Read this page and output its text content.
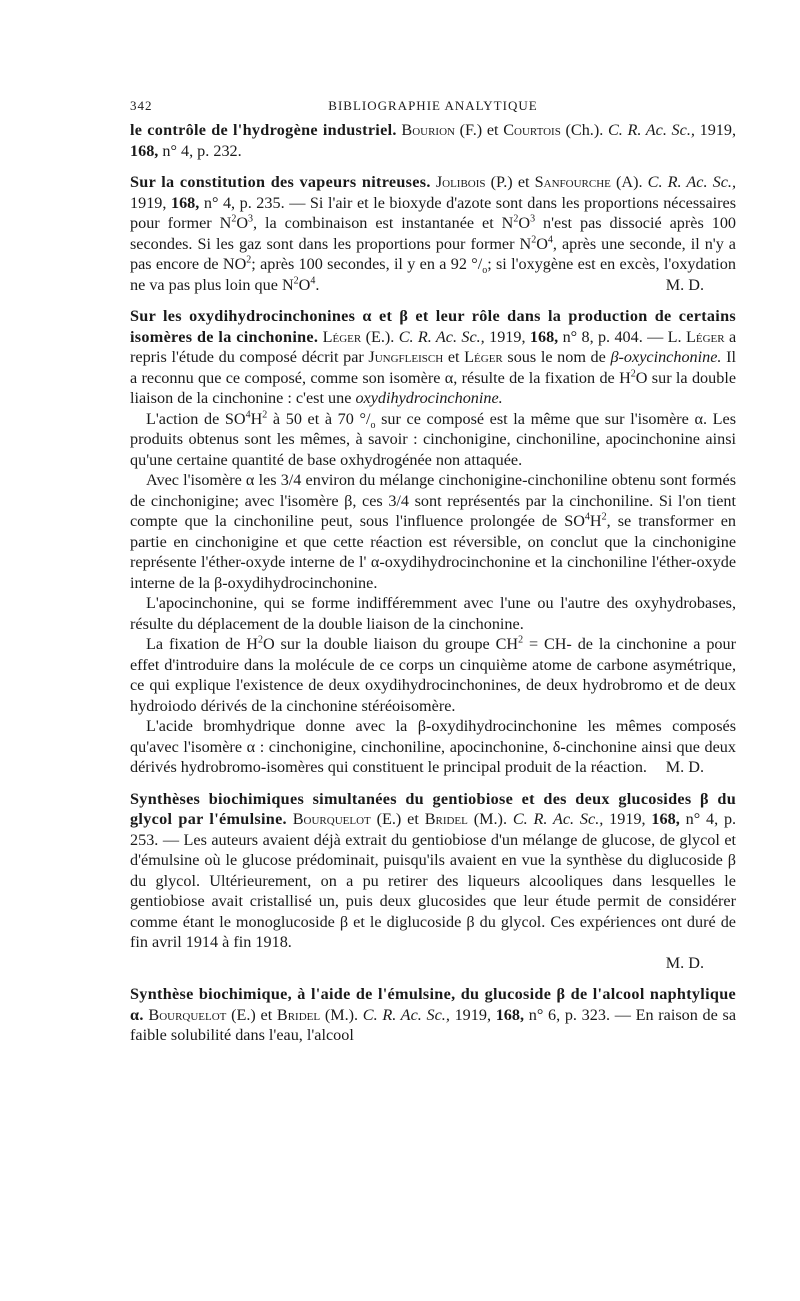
342	BIBLIOGRAPHIE ANALYTIQUE

le contrôle de l'hydrogène industriel. Bourion (F.) et Courtois (Ch.). C. R. Ac. Sc., 1919, 168, n° 4, p. 232.

Sur la constitution des vapeurs nitreuses. Jolibois (P.) et Sanfourche (A). C. R. Ac. Sc., 1919, 168, n° 4, p. 235. — Si l'air et le bioxyde d'azote sont dans les proportions nécessaires pour former $N^2O^3$, la combinaison est instantanée et $N^2O^3$ n'est pas dissocié après 100 secondes. Si les gaz sont dans les proportions pour former $N^2O^4$, après une seconde, il n'y a pas encore de $NO^2$; après 100 secondes, il y en a 92 $^\circ/_o$; si l'oxygène est en excès, l'oxydation ne va pas plus loin que $N^2O^4$.	M. D.

Sur les oxydihydrocinchonines α et β et leur rôle dans la production de certains isomères de la cinchonine. Léger (E.). C. R. Ac. Sc., 1919, 168, n° 8, p. 404. — L. Léger a repris l'étude du composé décrit par Jungfleisch et Léger sous le nom de β-oxycinchonine. Il a reconnu que ce composé, comme son isomère α, résulte de la fixation de $H^2O$ sur la double liaison de la cinchonine : c'est une oxydihydrocinchonine.

L'action de $SO^4H^2$ à 50 et à 70 $^\circ/_o$ sur ce composé est la même que sur l'isomère α. Les produits obtenus sont les mêmes, à savoir : cinchonigine, cinchoniline, apocinchonine ainsi qu'une certaine quantité de base oxhydrogénée non attaquée.

Avec l'isomère α les 3/4 environ du mélange cinchonigine-cinchoniline obtenu sont formés de cinchonigine; avec l'isomère β, ces 3/4 sont représentés par la cinchoniline. Si l'on tient compte que la cinchoniline peut, sous l'influence prolongée de $SO^4H^2$, se transformer en partie en cinchonigine et que cette réaction est réversible, on conclut que la cinchonigine représente l'éther-oxyde interne de l' α-oxydihydrocinchonine et la cinchoniline l'éther-oxyde interne de la β-oxydihydrocinchonine.

L'apocinchonine, qui se forme indifféremment avec l'une ou l'autre des oxyhydrobases, résulte du déplacement de la double liaison de la cinchonine.

La fixation de $H^2O$ sur la double liaison du groupe $CH^2 = CH-$ de la cinchonine a pour effet d'introduire dans la molécule de ce corps un cinquième atome de carbone asymétrique, ce qui explique l'existence de deux oxydihydrocinchonines, de deux hydrobromo et de deux hydroiodo dérivés de la cinchonine stéréoisomère.

L'acide bromhydrique donne avec la β-oxydihydrocinchonine les mêmes composés qu'avec l'isomère α : cinchonigine, cinchoniline, apocinchonine, δ-cinchonine ainsi que deux dérivés hydrobromo-isomères qui constituent le principal produit de la réaction.	M. D.

Synthèses biochimiques simultanées du gentiobiose et des deux glucosides β du glycol par l'émulsine. Bourquelot (E.) et Bridel (M.). C. R. Ac. Sc., 1919, 168, n° 4, p. 253. — Les auteurs avaient déjà extrait du gentiobiose d'un mélange de glucose, de glycol et d'émulsine où le glucose prédominait, puisqu'ils avaient en vue la synthèse du diglucoside β du glycol. Ultérieurement, on a pu retirer des liqueurs alcooliques dans lesquelles le gentiobiose avait cristallisé un, puis deux glucosides que leur étude permit de considérer comme étant le monoglucoside β et le diglucoside β du glycol. Ces expériences ont duré de fin avril 1914 à fin 1918.

M. D.

Synthèse biochimique, à l'aide de l'émulsine, du glucoside β de l'alcool naphtylique α. Bourquelot (E.) et Bridel (M.). C. R. Ac. Sc., 1919, 168, n° 6, p. 323. — En raison de sa faible solubilité dans l'eau, l'alcool
